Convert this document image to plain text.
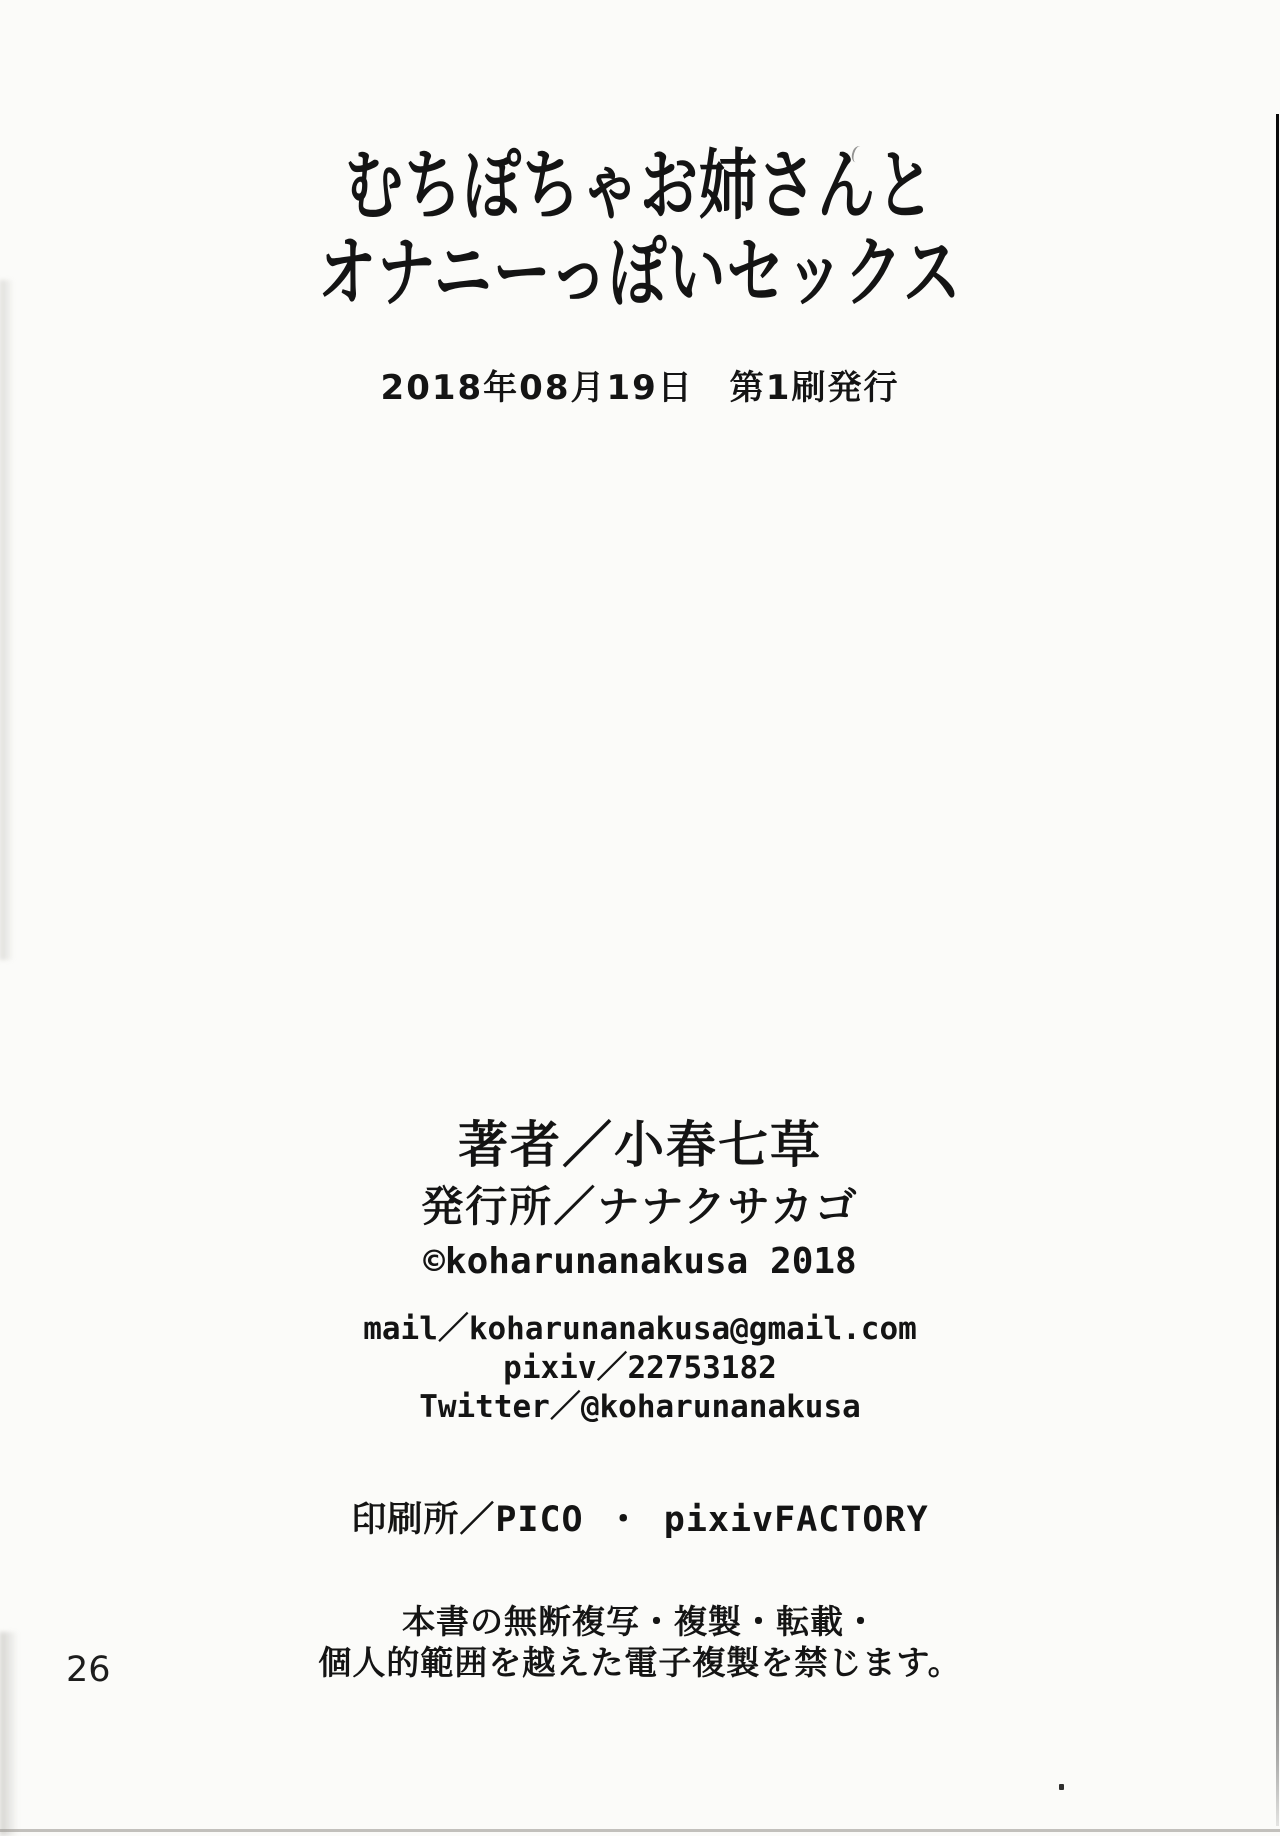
むちぽちゃお姉さんと
オナニーっぽいセックス
2018年08月19日　第1刷発行
著者／小春七草
発行所／ナナクサカゴ
©koharunanakusa 2018
mail／koharunanakusa@gmail.com
pixiv／22753182
Twitter／@koharunanakusa
印刷所／PICO ・ pixivFACTORY
本書の無断複写・複製・転載・
個人的範囲を越えた電子複製を禁じます。
26
